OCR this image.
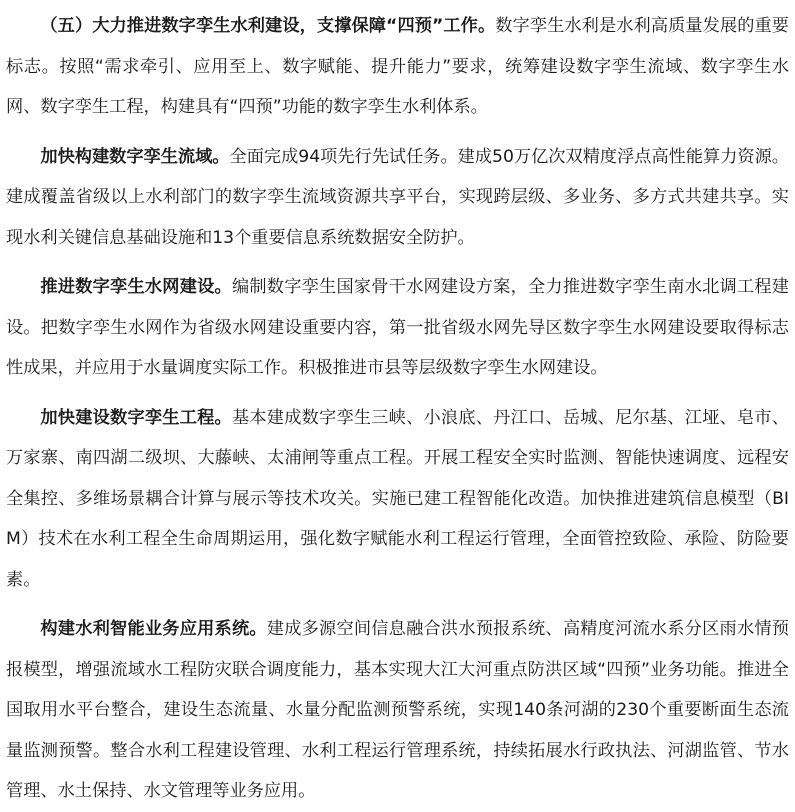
（五）大力推进数字孪生水利建设，支撑保障“四预”工作。数字孪生水利是水利高质量发展的重要标志。按照“需求牵引、应用至上、数字赋能、提升能力”要求，统筹建设数字孪生流域、数字孪生水网、数字孪生工程，构建具有“四预”功能的数字孪生水利体系。

加快构建数字孪生流域。全面完成94项先行先试任务。建成50万亿次双精度浮点高性能算力资源。建成覆盖省级以上水利部门的数字孪生流域资源共享平台，实现跨层级、多业务、多方式共建共享。实现水利关键信息基础设施和13个重要信息系统数据安全防护。

推进数字孪生水网建设。编制数字孪生国家骨干水网建设方案，全力推进数字孪生南水北调工程建设。把数字孪生水网作为省级水网建设重要内容，第一批省级水网先导区数字孪生水网建设要取得标志性成果，并应用于水量调度实际工作。积极推进市县等层级数字孪生水网建设。

加快建设数字孪生工程。基本建成数字孪生三峡、小浪底、丹江口、岳城、尼尔基、江垭、皂市、万家寨、南四湖二级坝、大藤峡、太浦闸等重点工程。开展工程安全实时监测、智能快速调度、远程安全集控、多维场景耦合计算与展示等技术攻关。实施已建工程智能化改造。加快推进建筑信息模型（BIM）技术在水利工程全生命周期运用，强化数字赋能水利工程运行管理，全面管控致险、承险、防险要素。

构建水利智能业务应用系统。建成多源空间信息融合洪水预报系统、高精度河流水系分区雨水情预报模型，增强流域水工程防灾联合调度能力，基本实现大江大河重点防洪区域“四预”业务功能。推进全国取用水平台整合，建设生态流量、水量分配监测预警系统，实现140条河湖的230个重要断面生态流量监测预警。整合水利工程建设管理、水利工程运行管理系统，持续拓展水行政执法、河湖监管、节水管理、水土保持、水文管理等业务应用。
